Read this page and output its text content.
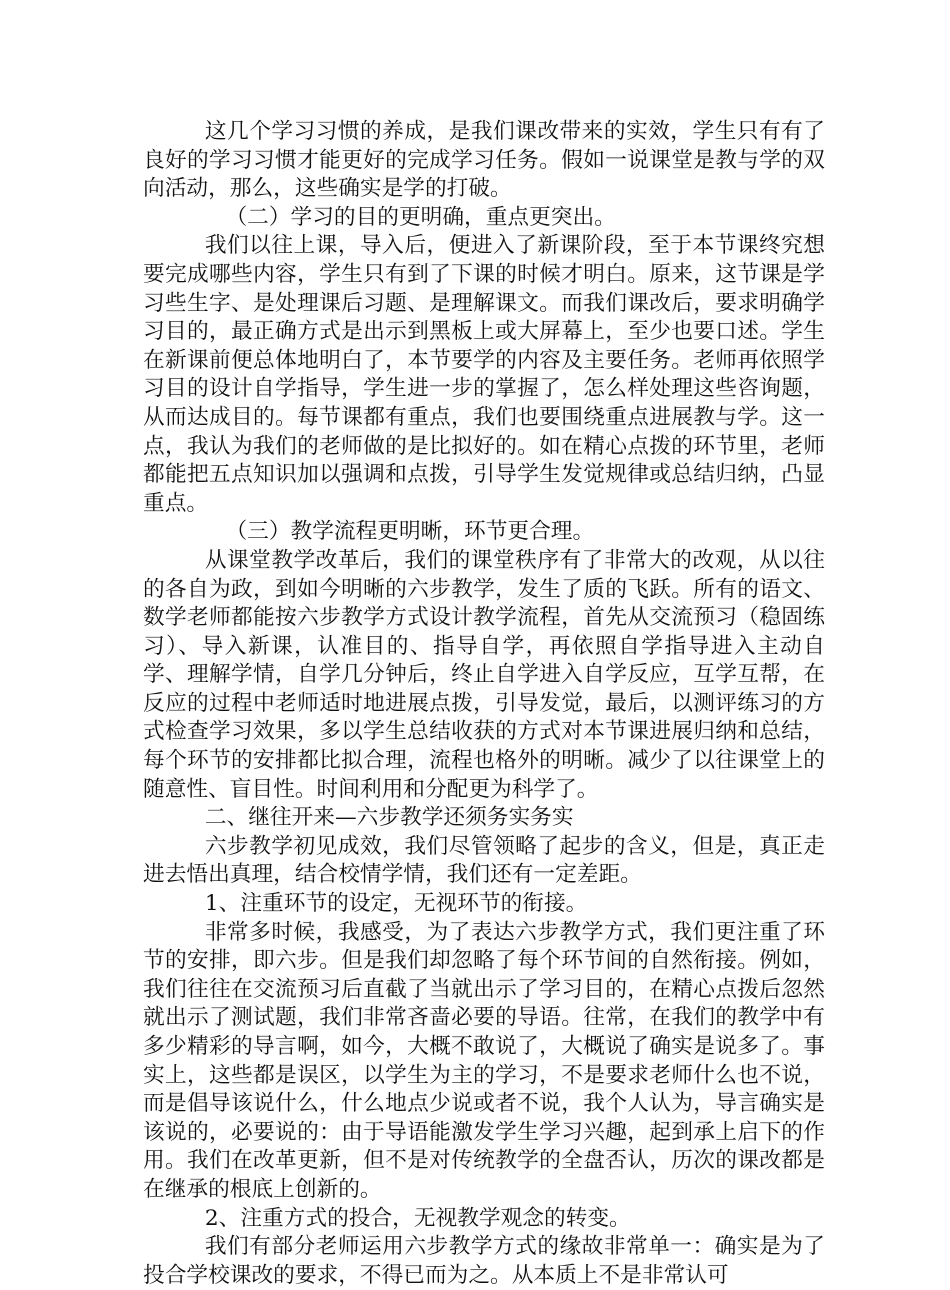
这几个学习习惯的养成，是我们课改带来的实效，学生只有有了良好的学习习惯才能更好的完成学习任务。假如一说课堂是教与学的双向活动，那么，这些确实是学的打破。

（二）学习的目的更明确，重点更突出。

我们以往上课，导入后，便进入了新课阶段，至于本节课终究想要完成哪些内容，学生只有到了下课的时候才明白。原来，这节课是学习些生字、是处理课后习题、是理解课文。而我们课改后，要求明确学习目的，最正确方式是出示到黑板上或大屏幕上，至少也要口述。学生在新课前便总体地明白了，本节要学的内容及主要任务。老师再依照学习目的设计自学指导，学生进一步的掌握了，怎么样处理这些咨询题，从而达成目的。每节课都有重点，我们也要围绕重点进展教与学。这一点，我认为我们的老师做的是比拟好的。如在精心点拨的环节里，老师都能把五点知识加以强调和点拨，引导学生发觉规律或总结归纳，凸显重点。

（三）教学流程更明晰，环节更合理。

从课堂教学改革后，我们的课堂秩序有了非常大的改观，从以往的各自为政，到如今明晰的六步教学，发生了质的飞跃。所有的语文、数学老师都能按六步教学方式设计教学流程，首先从交流预习（稳固练习）、导入新课，认准目的、指导自学，再依照自学指导进入主动自学、理解学情，自学几分钟后，终止自学进入自学反应，互学互帮，在反应的过程中老师适时地进展点拨，引导发觉，最后，以测评练习的方式检查学习效果，多以学生总结收获的方式对本节课进展归纳和总结，每个环节的安排都比拟合理，流程也格外的明晰。减少了以往课堂上的随意性、盲目性。时间利用和分配更为科学了。

二、继往开来—六步教学还须务实务实

六步教学初见成效，我们尽管领略了起步的含义，但是，真正走进去悟出真理，结合校情学情，我们还有一定差距。

1、注重环节的设定，无视环节的衔接。

非常多时候，我感受，为了表达六步教学方式，我们更注重了环节的安排，即六步。但是我们却忽略了每个环节间的自然衔接。例如，我们往往在交流预习后直截了当就出示了学习目的，在精心点拨后忽然就出示了测试题，我们非常吝啬必要的导语。往常，在我们的教学中有多少精彩的导言啊，如今，大概不敢说了，大概说了确实是说多了。事实上，这些都是误区，以学生为主的学习，不是要求老师什么也不说，而是倡导该说什么，什么地点少说或者不说，我个人认为，导言确实是该说的，必要说的：由于导语能激发学生学习兴趣，起到承上启下的作用。我们在改革更新，但不是对传统教学的全盘否认，历次的课改都是在继承的根底上创新的。

2、注重方式的投合，无视教学观念的转变。

我们有部分老师运用六步教学方式的缘故非常单一：确实是为了投合学校课改的要求，不得已而为之。从本质上不是非常认可
